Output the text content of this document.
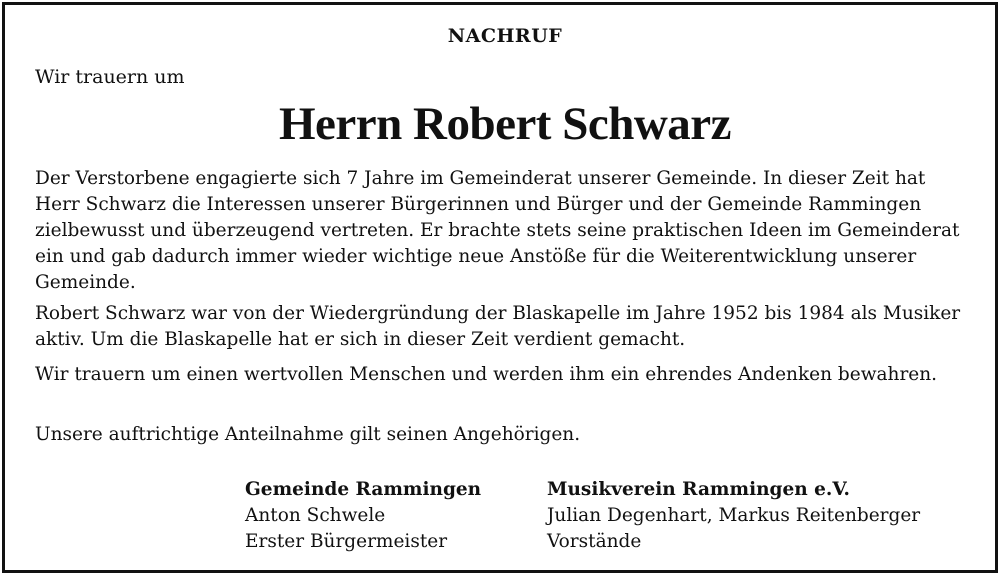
NACHRUF
Wir trauern um
Herrn Robert Schwarz

Der Verstorbene engagierte sich 7 Jahre im Gemeinderat unserer Gemeinde. In dieser Zeit hat Herr Schwarz die Interessen unserer Bürgerinnen und Bürger und der Gemeinde Rammingen zielbewusst und überzeugend vertreten. Er brachte stets seine praktischen Ideen im Gemeinderat ein und gab dadurch immer wieder wichtige neue Anstöße für die Weiterentwicklung unserer Gemeinde.

Robert Schwarz war von der Wiedergründung der Blaskapelle im Jahre 1952 bis 1984 als Musiker aktiv. Um die Blaskapelle hat er sich in dieser Zeit verdient gemacht.

Wir trauern um einen wertvollen Menschen und werden ihm ein ehrendes Andenken bewahren.

Unsere auftrichtige Anteilnahme gilt seinen Angehörigen.

Gemeinde Rammingen
Anton Schwele
Erster Bürgermeister
Musikverein Rammingen e.V.
Julian Degenhart, Markus Reitenberger
Vorstände
